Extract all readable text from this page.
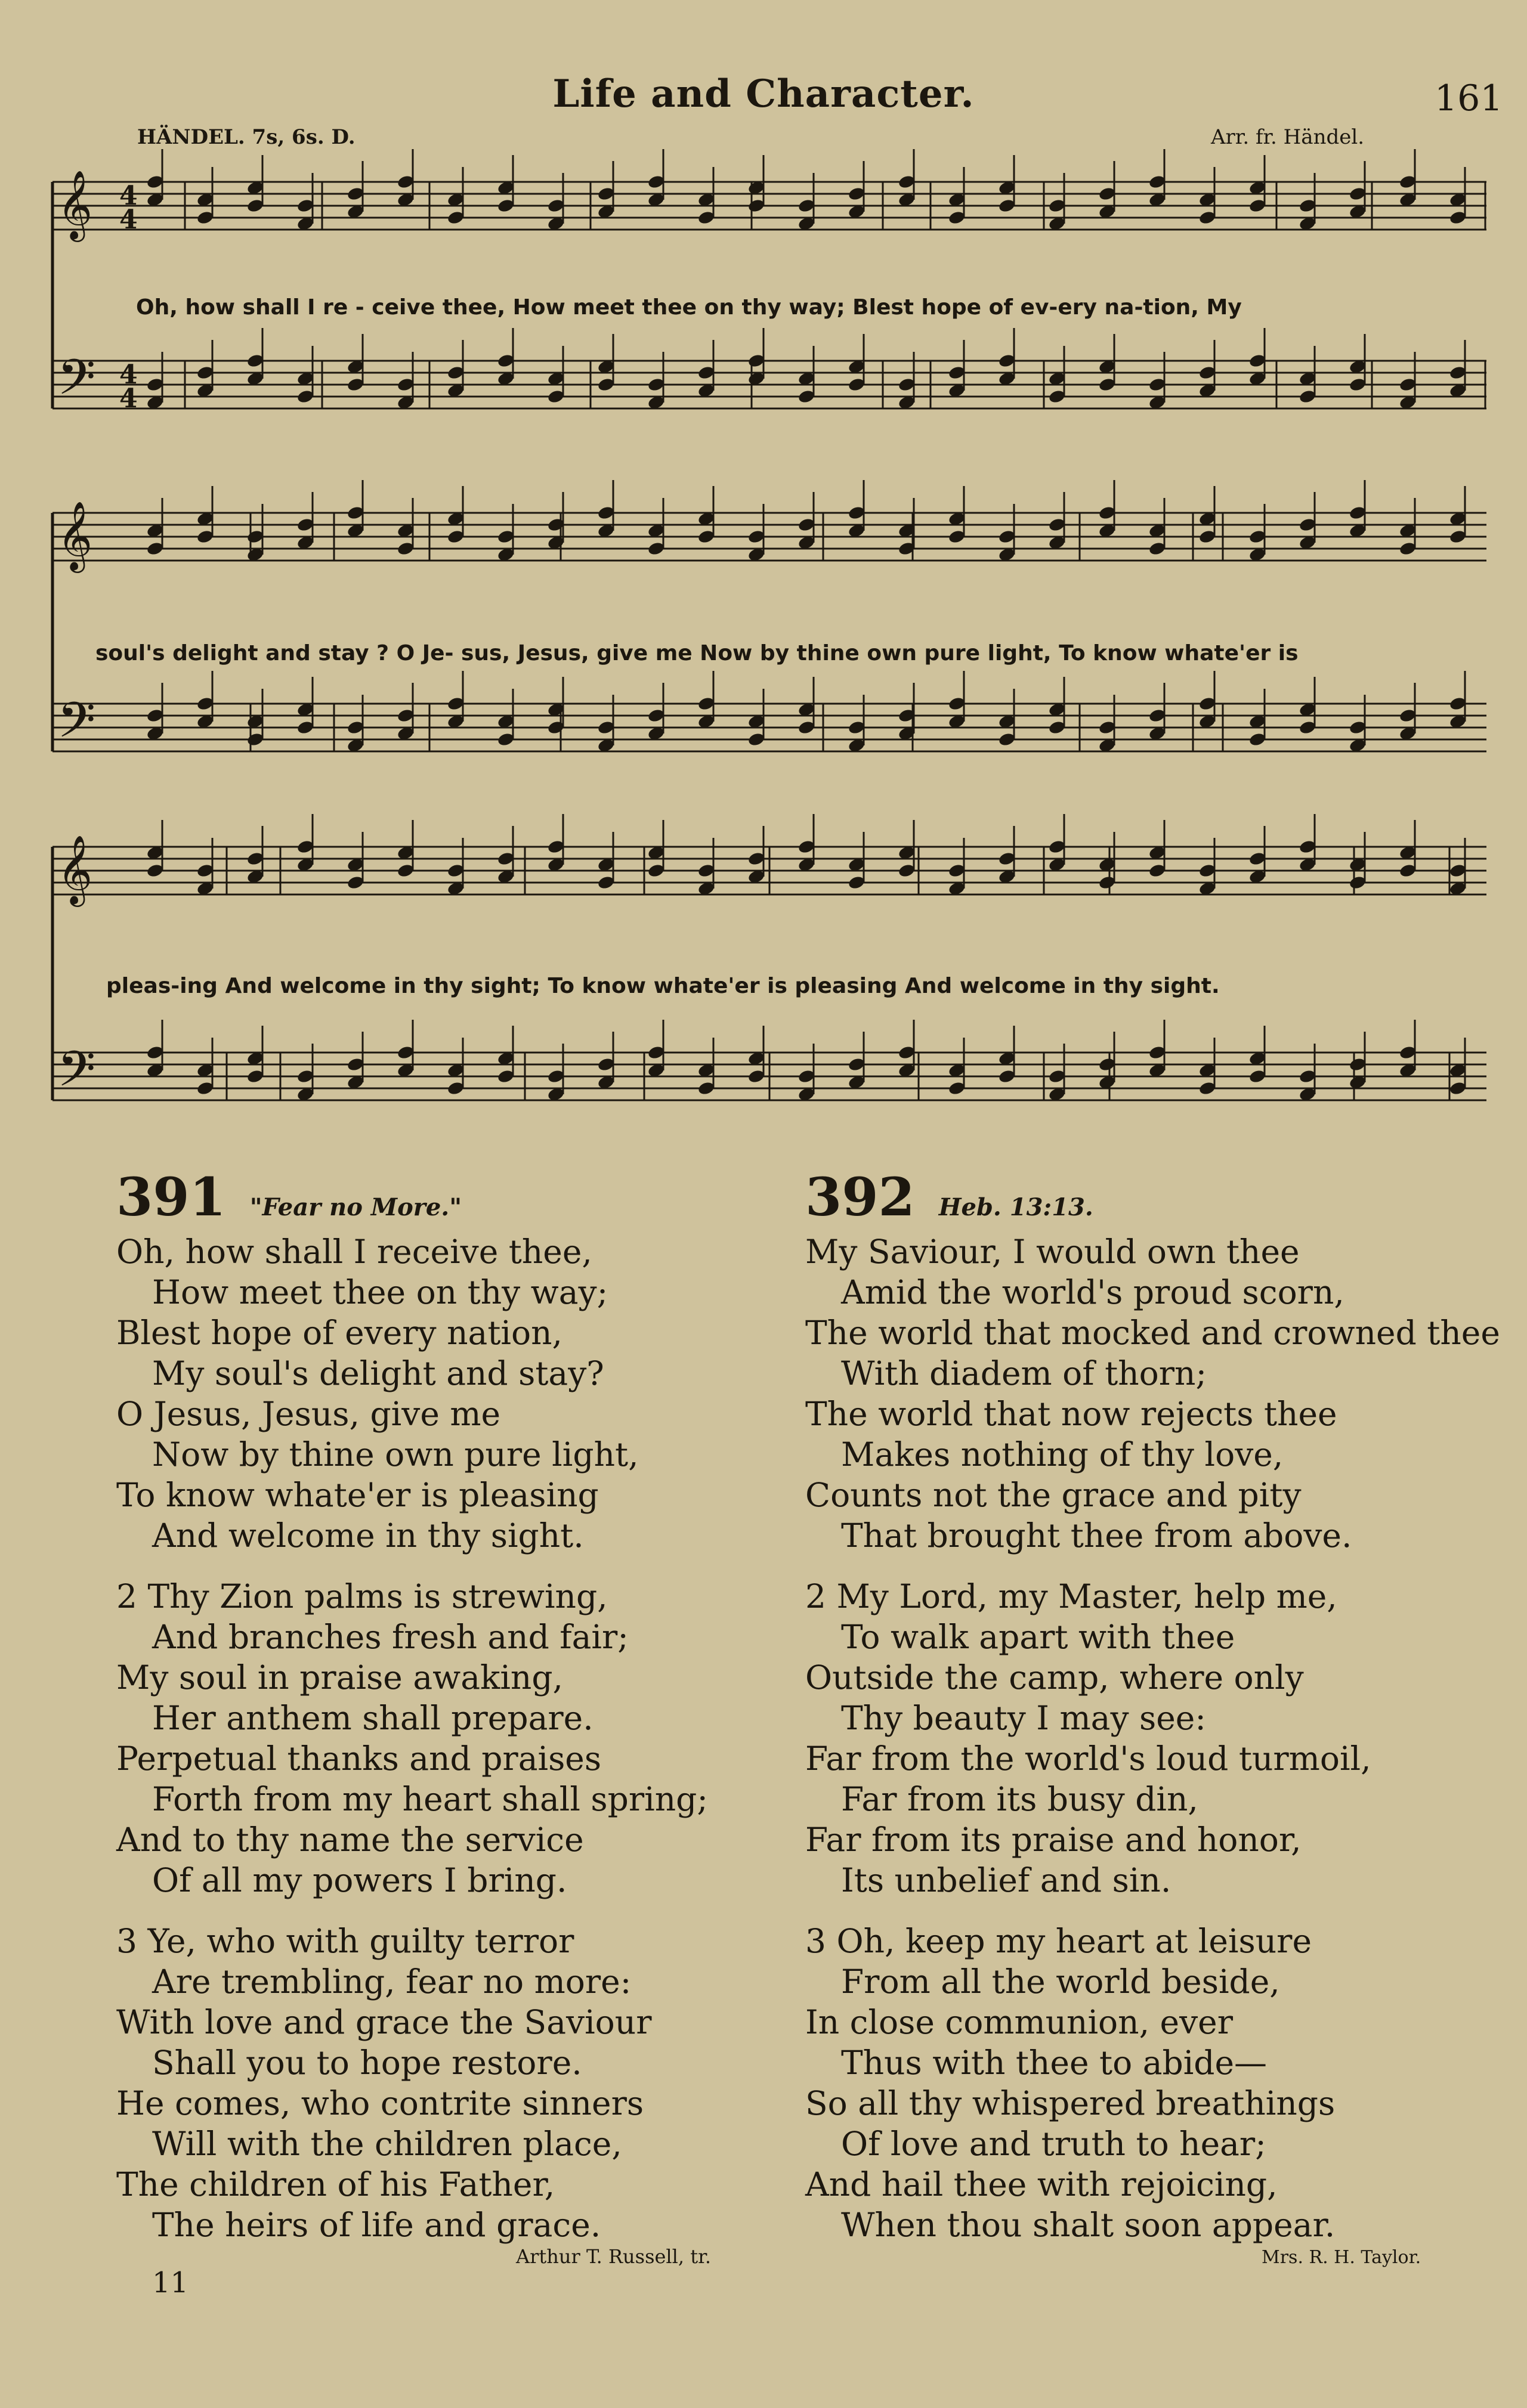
Life and Character.	161
HÄNDEL. 7s, 6s. D.	Arr. fr. Händel.
𝄞
𝄢
𝄞
𝄢
𝄞
𝄢
4
4
4
4
Oh, how shall I re - ceive thee, How meet thee on thy way; Blest hope of ev-ery na-tion, My
soul's delight and stay ? O Je- sus, Jesus, give me Now by thine own pure light, To know whate'er is
pleas-ing And welcome in thy sight; To know whate'er is pleasing And welcome in thy sight.
391 "Fear no More."
Oh, how shall I receive thee,
How meet thee on thy way;
Blest hope of every nation,
My soul's delight and stay?
O Jesus, Jesus, give me
Now by thine own pure light,
To know whate'er is pleasing
And welcome in thy sight.
2 Thy Zion palms is strewing,
And branches fresh and fair;
My soul in praise awaking,
Her anthem shall prepare.
Perpetual thanks and praises
Forth from my heart shall spring;
And to thy name the service
Of all my powers I bring.
3 Ye, who with guilty terror
Are trembling, fear no more:
With love and grace the Saviour
Shall you to hope restore.
He comes, who contrite sinners
Will with the children place,
The children of his Father,
The heirs of life and grace.
Arthur T. Russell, tr.
392 Heb. 13:13.
My Saviour, I would own thee
Amid the world's proud scorn,
The world that mocked and crowned thee
With diadem of thorn;
The world that now rejects thee
Makes nothing of thy love,
Counts not the grace and pity
That brought thee from above.
2 My Lord, my Master, help me,
To walk apart with thee
Outside the camp, where only
Thy beauty I may see:
Far from the world's loud turmoil,
Far from its busy din,
Far from its praise and honor,
Its unbelief and sin.
3 Oh, keep my heart at leisure
From all the world beside,
In close communion, ever
Thus with thee to abide—
So all thy whispered breathings
Of love and truth to hear;
And hail thee with rejoicing,
When thou shalt soon appear.
Mrs. R. H. Taylor.
11
